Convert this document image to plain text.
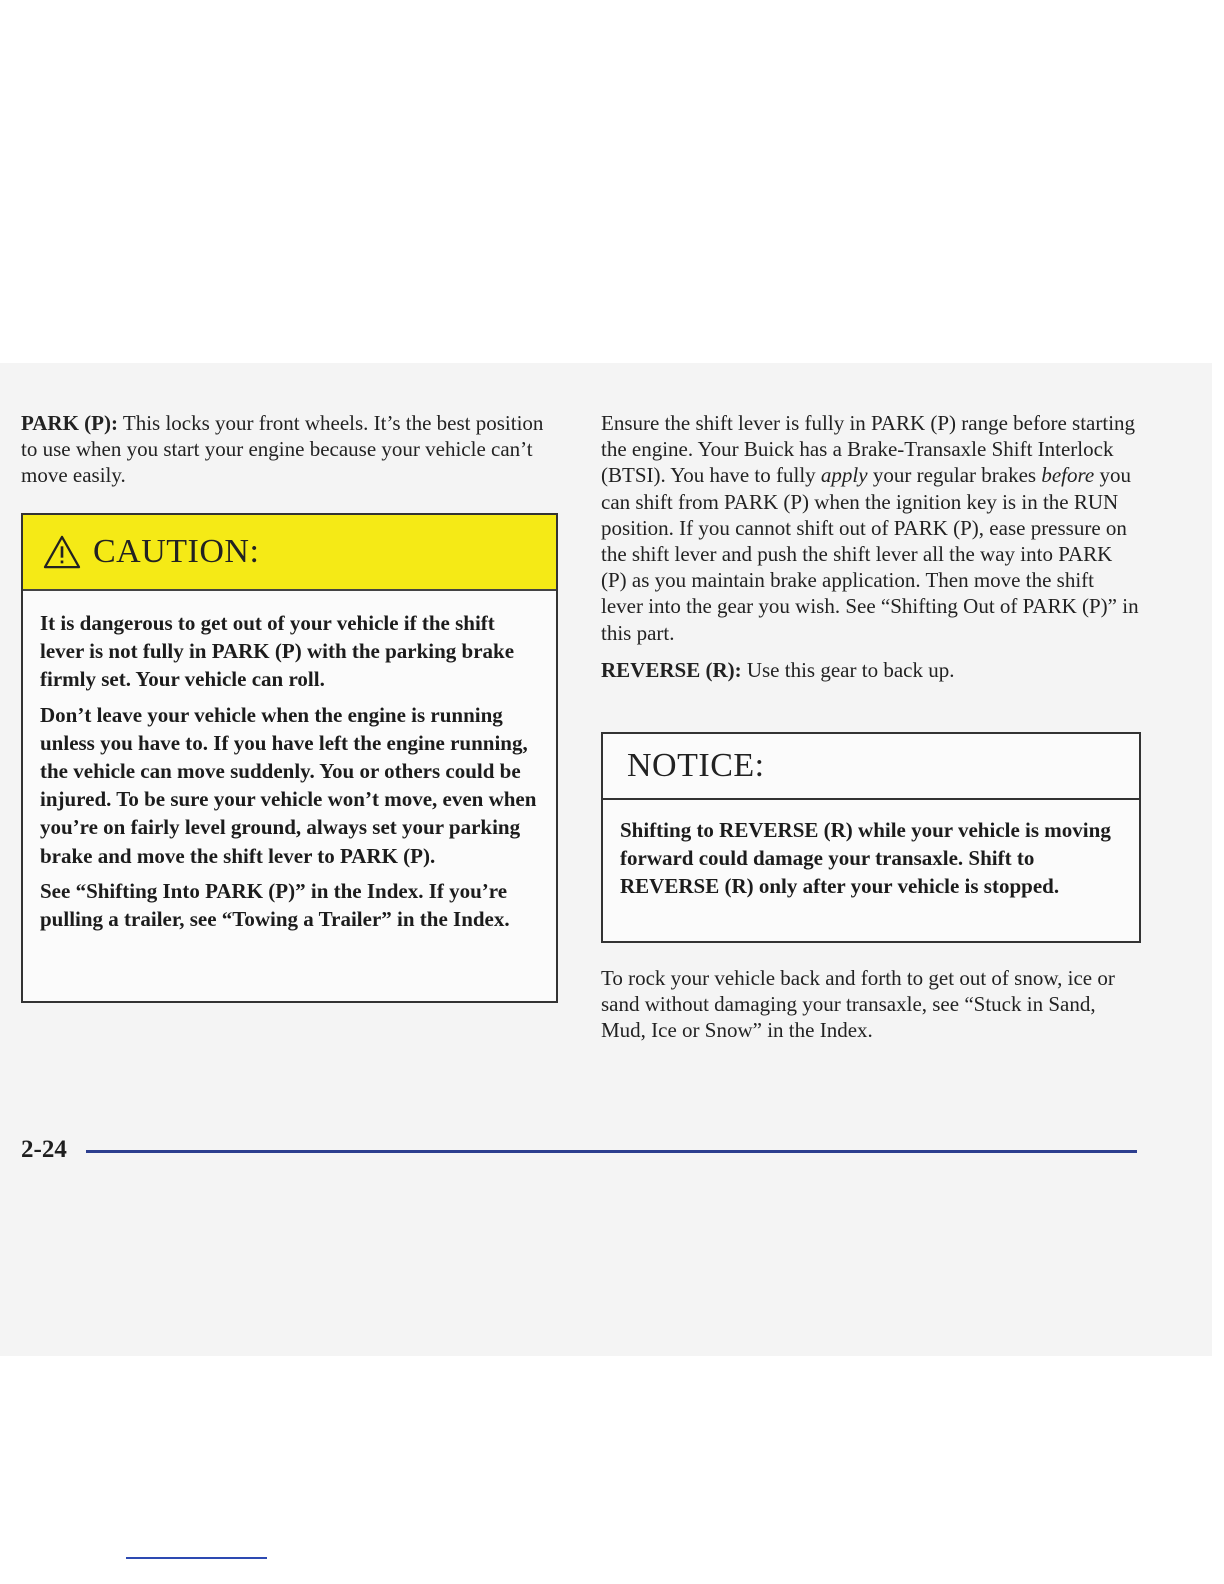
PARK (P): This locks your front wheels. It’s the best position to use when you start your engine because your vehicle can’t move easily.

CAUTION:

It is dangerous to get out of your vehicle if the shift lever is not fully in PARK (P) with the parking brake firmly set. Your vehicle can roll.

Don’t leave your vehicle when the engine is running unless you have to. If you have left the engine running, the vehicle can move suddenly. You or others could be injured. To be sure your vehicle won’t move, even when you’re on fairly level ground, always set your parking brake and move the shift lever to PARK (P).

See “Shifting Into PARK (P)” in the Index. If you’re pulling a trailer, see “Towing a Trailer” in the Index.

Ensure the shift lever is fully in PARK (P) range before starting the engine. Your Buick has a Brake-Transaxle Shift Interlock (BTSI). You have to fully apply your regular brakes before you can shift from PARK (P) when the ignition key is in the RUN position. If you cannot shift out of PARK (P), ease pressure on the shift lever and push the shift lever all the way into PARK (P) as you maintain brake application. Then move the shift lever into the gear you wish. See “Shifting Out of PARK (P)” in this part.

REVERSE (R): Use this gear to back up.

NOTICE:

Shifting to REVERSE (R) while your vehicle is moving forward could damage your transaxle. Shift to REVERSE (R) only after your vehicle is stopped.

To rock your vehicle back and forth to get out of snow, ice or sand without damaging your transaxle, see “Stuck in Sand, Mud, Ice or Snow” in the Index.

2-24
